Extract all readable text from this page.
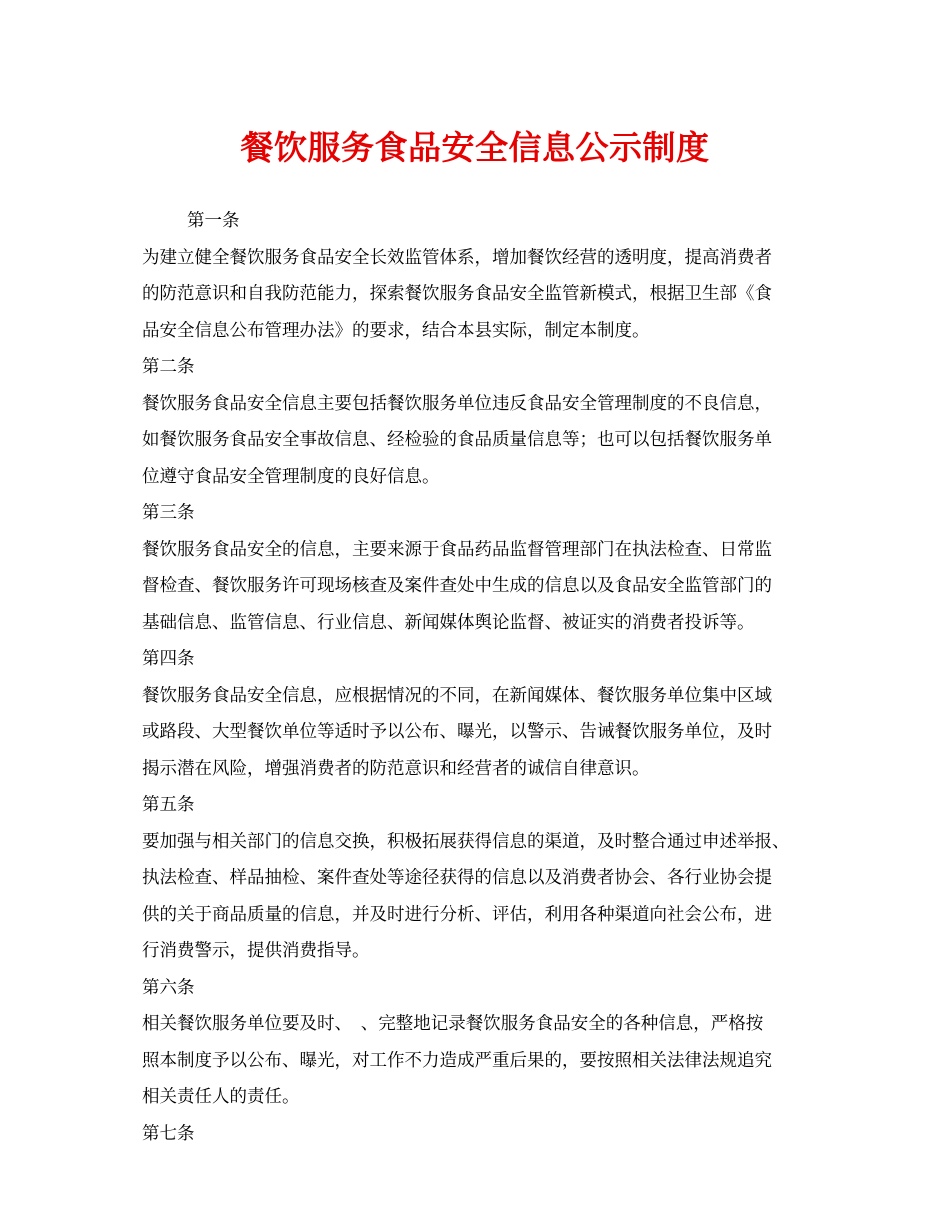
餐饮服务食品安全信息公示制度
第一条
为建立健全餐饮服务食品安全长效监管体系，增加餐饮经营的透明度，提高消费者
的防范意识和自我防范能力，探索餐饮服务食品安全监管新模式，根据卫生部《食
品安全信息公布管理办法》的要求，结合本县实际，制定本制度。
第二条
餐饮服务食品安全信息主要包括餐饮服务单位违反食品安全管理制度的不良信息，
如餐饮服务食品安全事故信息、经检验的食品质量信息等；也可以包括餐饮服务单
位遵守食品安全管理制度的良好信息。
第三条
餐饮服务食品安全的信息，主要来源于食品药品监督管理部门在执法检查、日常监
督检查、餐饮服务许可现场核查及案件查处中生成的信息以及食品安全监管部门的
基础信息、监管信息、行业信息、新闻媒体舆论监督、被证实的消费者投诉等。
第四条
餐饮服务食品安全信息，应根据情况的不同，在新闻媒体、餐饮服务单位集中区域
或路段、大型餐饮单位等适时予以公布、曝光，以警示、告诫餐饮服务单位，及时
揭示潜在风险，增强消费者的防范意识和经营者的诚信自律意识。
第五条
要加强与相关部门的信息交换，积极拓展获得信息的渠道，及时整合通过申述举报、
执法检查、样品抽检、案件查处等途径获得的信息以及消费者协会、各行业协会提
供的关于商品质量的信息，并及时进行分析、评估，利用各种渠道向社会公布，进
行消费警示，提供消费指导。
第六条
相关餐饮服务单位要及时、　、完整地记录餐饮服务食品安全的各种信息，严格按
照本制度予以公布、曝光，对工作不力造成严重后果的，要按照相关法律法规追究
相关责任人的责任。
第七条
